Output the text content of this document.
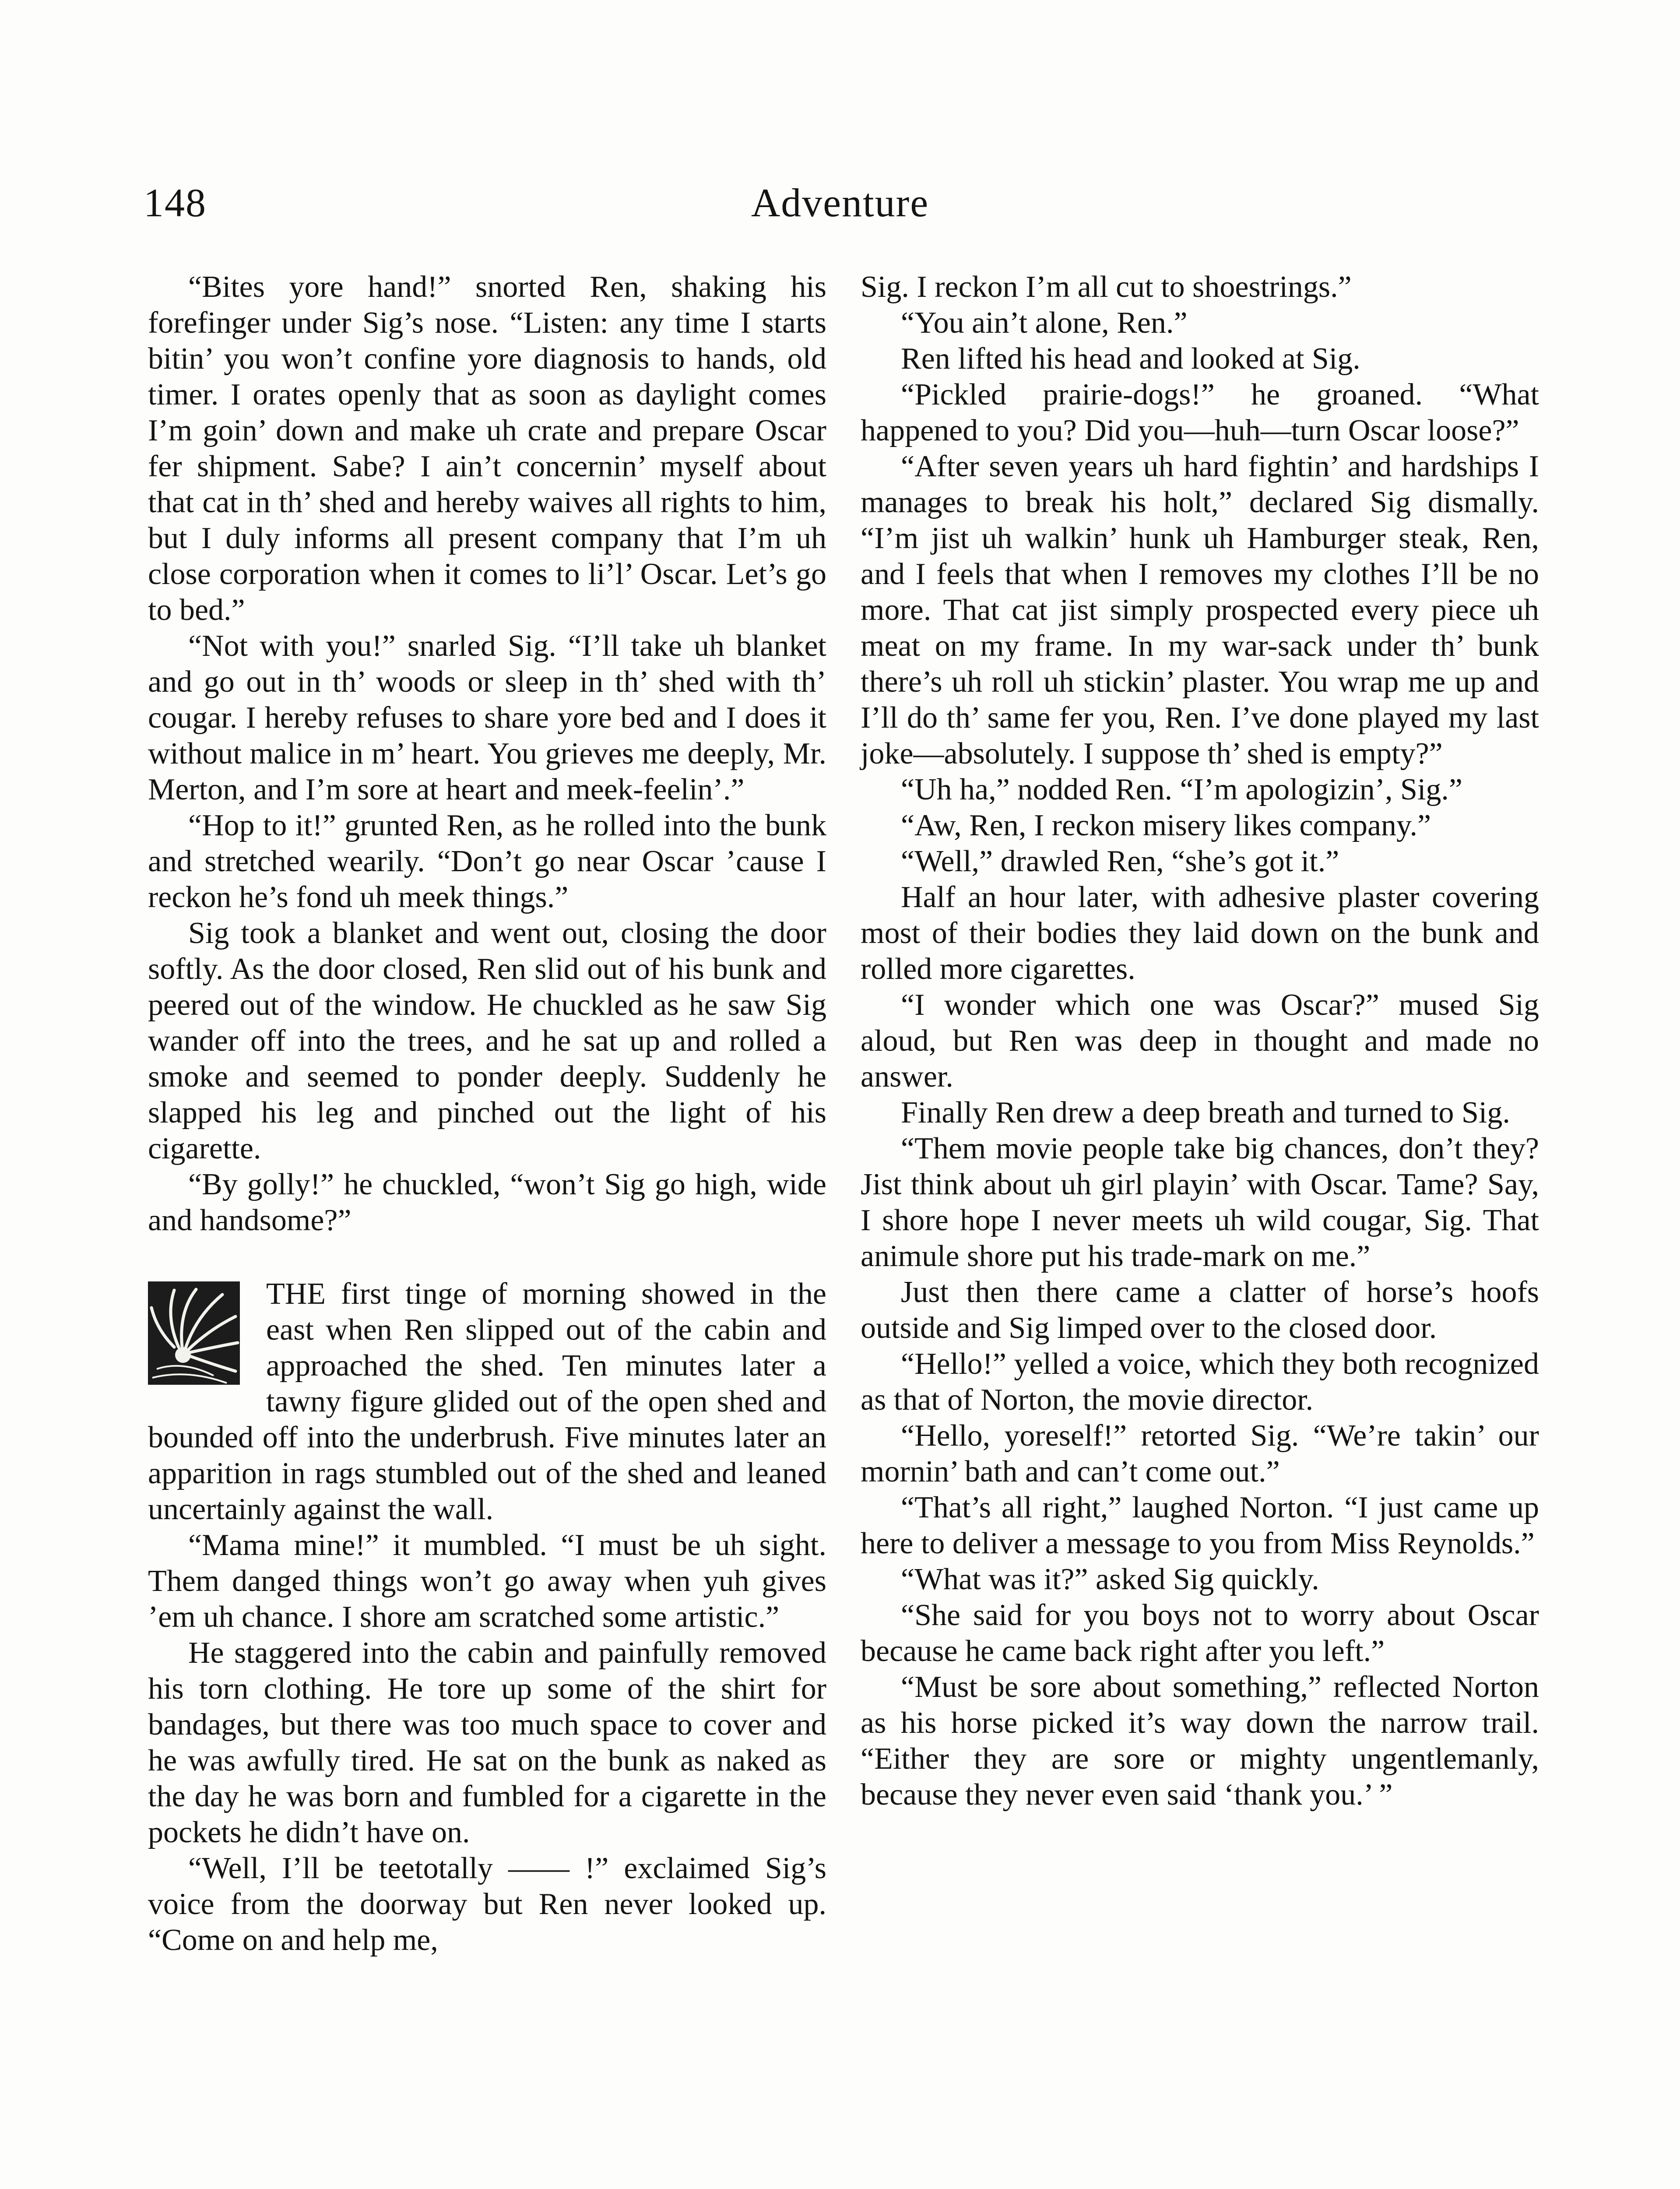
148	Adventure

“Bites yore hand!” snorted Ren, shaking his forefinger under Sig’s nose. “Listen: any time I starts bitin’ you won’t confine yore diagnosis to hands, old timer. I orates openly that as soon as daylight comes I’m goin’ down and make uh crate and prepare Oscar fer shipment. Sabe? I ain’t concernin’ myself about that cat in th’ shed and hereby waives all rights to him, but I duly informs all present company that I’m uh close corporation when it comes to li’l’ Oscar. Let’s go to bed.”

“Not with you!” snarled Sig. “I’ll take uh blanket and go out in th’ woods or sleep in th’ shed with th’ cougar. I hereby refuses to share yore bed and I does it without malice in m’ heart. You grieves me deeply, Mr. Merton, and I’m sore at heart and meek-feelin’.”

“Hop to it!” grunted Ren, as he rolled into the bunk and stretched wearily. “Don’t go near Oscar ’cause I reckon he’s fond uh meek things.”

Sig took a blanket and went out, closing the door softly. As the door closed, Ren slid out of his bunk and peered out of the window. He chuckled as he saw Sig wander off into the trees, and he sat up and rolled a smoke and seemed to ponder deeply. Suddenly he slapped his leg and pinched out the light of his cigarette.

“By golly!” he chuckled, “won’t Sig go high, wide and handsome?”

THE first tinge of morning showed in the east when Ren slipped out of the cabin and approached the shed. Ten minutes later a tawny figure glided out of the open shed and bounded off into the underbrush. Five minutes later an apparition in rags stumbled out of the shed and leaned uncertainly against the wall.

“Mama mine!” it mumbled. “I must be uh sight. Them danged things won’t go away when yuh gives ’em uh chance. I shore am scratched some artistic.”

He staggered into the cabin and painfully removed his torn clothing. He tore up some of the shirt for bandages, but there was too much space to cover and he was awfully tired. He sat on the bunk as naked as the day he was born and fumbled for a cigarette in the pockets he didn’t have on.

“Well, I’ll be teetotally —— !” exclaimed Sig’s voice from the doorway but Ren never looked up. “Come on and help me,

Sig. I reckon I’m all cut to shoestrings.”

“You ain’t alone, Ren.”

Ren lifted his head and looked at Sig.

“Pickled prairie-dogs!” he groaned. “What happened to you? Did you—huh—turn Oscar loose?”

“After seven years uh hard fightin’ and hardships I manages to break his holt,” declared Sig dismally. “I’m jist uh walkin’ hunk uh Hamburger steak, Ren, and I feels that when I removes my clothes I’ll be no more. That cat jist simply prospected every piece uh meat on my frame. In my war-sack under th’ bunk there’s uh roll uh stickin’ plaster. You wrap me up and I’ll do th’ same fer you, Ren. I’ve done played my last joke—absolutely. I suppose th’ shed is empty?”

“Uh ha,” nodded Ren. “I’m apologizin’, Sig.”

“Aw, Ren, I reckon misery likes company.”

“Well,” drawled Ren, “she’s got it.”

Half an hour later, with adhesive plaster covering most of their bodies they laid down on the bunk and rolled more cigarettes.

“I wonder which one was Oscar?” mused Sig aloud, but Ren was deep in thought and made no answer.

Finally Ren drew a deep breath and turned to Sig.

“Them movie people take big chances, don’t they? Jist think about uh girl playin’ with Oscar. Tame? Say, I shore hope I never meets uh wild cougar, Sig. That animule shore put his trade-mark on me.”

Just then there came a clatter of horse’s hoofs outside and Sig limped over to the closed door.

“Hello!” yelled a voice, which they both recognized as that of Norton, the movie director.

“Hello, yoreself!” retorted Sig. “We’re takin’ our mornin’ bath and can’t come out.”

“That’s all right,” laughed Norton. “I just came up here to deliver a message to you from Miss Reynolds.”

“What was it?” asked Sig quickly.

“She said for you boys not to worry about Oscar because he came back right after you left.”

“Must be sore about something,” reflected Norton as his horse picked it’s way down the narrow trail. “Either they are sore or mighty ungentlemanly, because they never even said ‘thank you.’ ”
